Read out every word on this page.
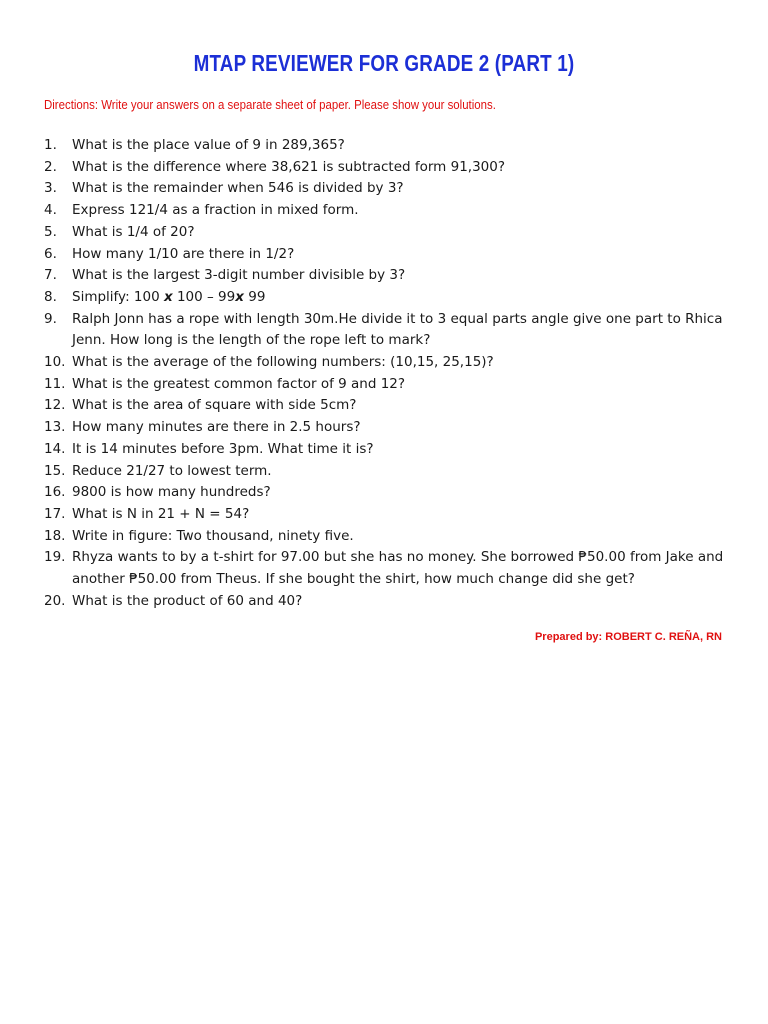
MTAP REVIEWER FOR GRADE 2 (PART 1)
Directions: Write your answers on a separate sheet of paper. Please show your solutions.
1.	What is the place value of 9 in 289,365?
2.	What is the difference where 38,621 is subtracted form 91,300?
3.	What is the remainder when 546 is divided by 3?
4.	Express 121/4 as a fraction in mixed form.
5.	What is 1/4 of 20?
6.	How many 1/10 are there in 1/2?
7.	What is the largest 3-digit number divisible by 3?
8.	Simplify: 100 𝙭 100 – 99𝙭 99
9.	Ralph Jonn has a rope with length 30m.He divide it to 3 equal parts angle give one part to Rhica Jenn. How long is the length of the rope left to mark?
10. What is the average of the following numbers: (10,15, 25,15)?
11. What is the greatest common factor of 9 and 12?
12. What is the area of square with side 5cm?
13. How many minutes are there in 2.5 hours?
14. It is 14 minutes before 3pm. What time it is?
15. Reduce 21/27 to lowest term.
16. 9800 is how many hundreds?
17. What is N in 21 + N = 54?
18. Write in figure: Two thousand, ninety five.
19. Rhyza wants to by a t-shirt for 97.00 but she has no money. She borrowed ₱50.00 from Jake and another ₱50.00 from Theus. If she bought the shirt, how much change did she get?
20. What is the product of 60 and 40?
Prepared by: ROBERT C. REÑA, RN
